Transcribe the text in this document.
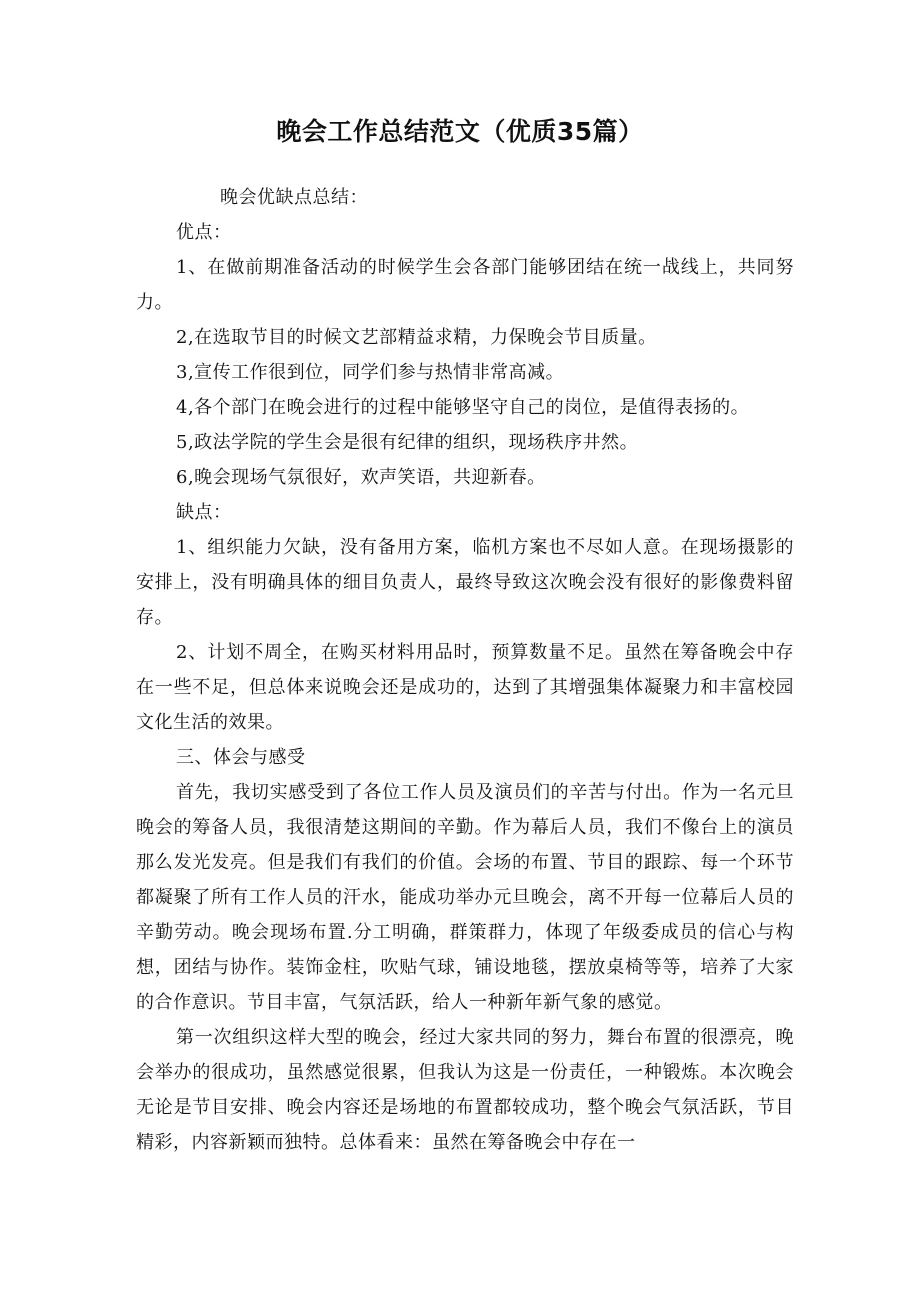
晚会工作总结范文（优质35篇）

晚会优缺点总结：

优点：

1、在做前期准备活动的时候学生会各部门能够团结在统一战线上，共同努力。

2,在选取节目的时候文艺部精益求精，力保晚会节目质量。

3,宣传工作很到位，同学们参与热情非常高减。

4,各个部门在晚会进行的过程中能够坚守自己的岗位，是值得表扬的。

5,政法学院的学生会是很有纪律的组织，现场秩序井然。

6,晚会现场气氛很好，欢声笑语，共迎新春。

缺点：

1、组织能力欠缺，没有备用方案，临机方案也不尽如人意。在现场摄影的安排上，没有明确具体的细目负责人，最终导致这次晚会没有很好的影像费料留存。

2、计划不周全，在购买材料用品时，预算数量不足。虽然在筹备晚会中存在一些不足，但总体来说晚会还是成功的，达到了其增强集体凝聚力和丰富校园文化生活的效果。

三、体会与感受

首先，我切实感受到了各位工作人员及演员们的辛苦与付出。作为一名元旦晚会的筹备人员，我很清楚这期间的辛勤。作为幕后人员，我们不像台上的演员那么发光发亮。但是我们有我们的价值。会场的布置、节目的跟踪、每一个环节都凝聚了所有工作人员的汗水，能成功举办元旦晚会，离不开每一位幕后人员的辛勤劳动。晚会现场布置.分工明确，群策群力，体现了年级委成员的信心与构想，团结与协作。装饰金柱，吹贴气球，铺设地毯，摆放桌椅等等，培养了大家的合作意识。节目丰富，气氛活跃，给人一种新年新气象的感觉。

第一次组织这样大型的晚会，经过大家共同的努力，舞台布置的很漂亮，晚会举办的很成功，虽然感觉很累，但我认为这是一份责任，一种锻炼。本次晚会无论是节目安排、晚会内容还是场地的布置都较成功，整个晚会气氛活跃，节目精彩，内容新颖而独特。总体看来：虽然在筹备晚会中存在一
